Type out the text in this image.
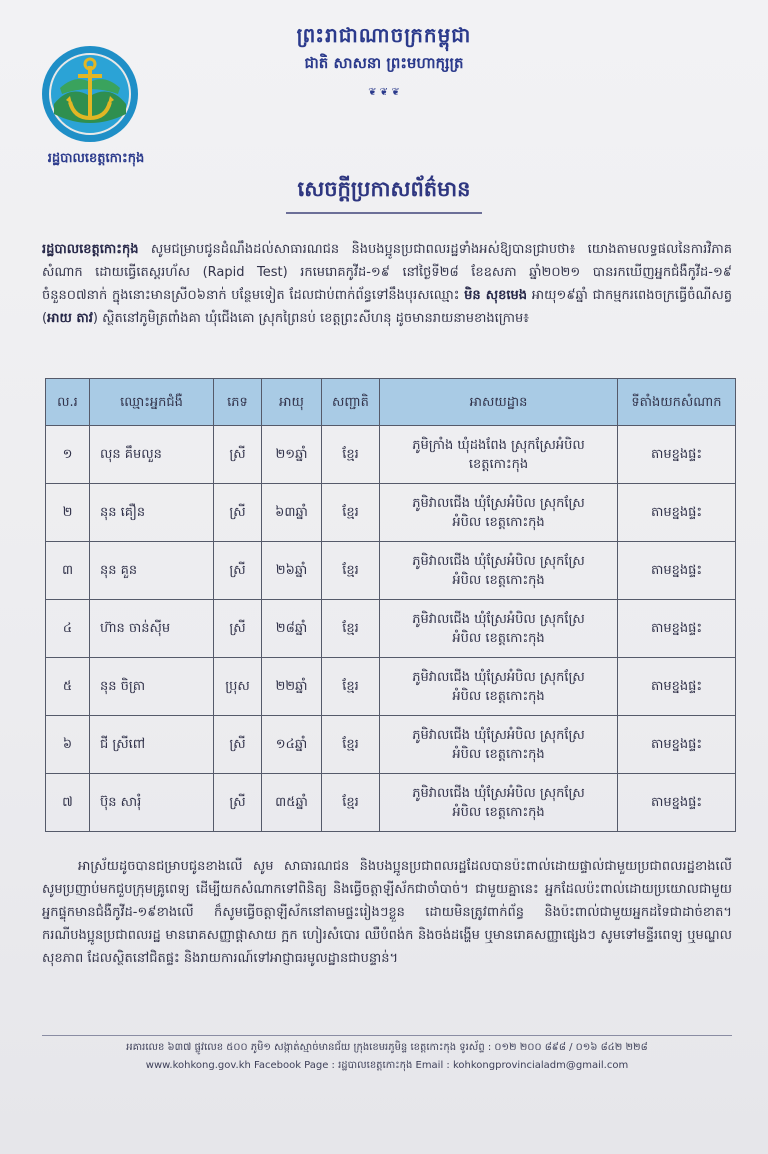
ព្រះរាជាណាចក្រកម្ពុជា
ជាតិ សាសនា ព្រះមហាក្សត្រ
❦ ❦ ❦
រដ្ឋបាលខេត្តកោះកុង
សេចក្តីប្រកាសព័ត៌មាន
រដ្ឋបាលខេត្តកោះកុង សូមជម្រាបជូនដំណឹងដល់សាធារណជន និងបងប្អូនប្រជាពលរដ្ឋទាំងអស់ឱ្យបានជ្រាបថា៖ យោងតាមលទ្ធផលនៃការវិភាគសំណាក ដោយធ្វើតេស្តរហ័ស (Rapid Test) រកមេរោគកូវីដ-១៩ នៅថ្ងៃទី២៨ ខែឧសភា ឆ្នាំ២០២១ បានរកឃើញអ្នកជំងឺកូវីដ-១៩ ចំនួន០៧នាក់ ក្នុងនោះមានស្រី០៦នាក់ បន្ថែមទៀត ដែលជាប់ពាក់ព័ន្ធទៅនឹងបុរសឈ្មោះ មិន សុខមេង អាយុ១៩ឆ្នាំ ជាកម្មករពេងចក្រធ្វើចំណីសត្វ (អាយ តាវ) ស្ថិតនៅភូមិត្រពាំងគា ឃុំជើងគោ ស្រុកព្រៃនប់ ខេត្តព្រះសីហនុ ដូចមានរាយនាមខាងក្រោម៖
ល.រ	ឈ្មោះអ្នកជំងឺ	ភេទ	អាយុ	សញ្ជាតិ	អាសយដ្ឋាន	ទីតាំងយកសំណាក
១	លុន គឹមលួន	ស្រី	២១ឆ្នាំ	ខ្មែរ	ភូមិក្រាំង ឃុំដងពែង ស្រុកស្រែអំបិល
ខេត្តកោះកុង	តាមខ្នងផ្ទះ
២	នុន គឿន	ស្រី	៦៣ឆ្នាំ	ខ្មែរ	ភូមិវាលជើង ឃុំស្រែអំបិល ស្រុកស្រែ
អំបិល ខេត្តកោះកុង	តាមខ្នងផ្ទះ
៣	នុន គួន	ស្រី	២៦ឆ្នាំ	ខ្មែរ	ភូមិវាលជើង ឃុំស្រែអំបិល ស្រុកស្រែ
អំបិល ខេត្តកោះកុង	តាមខ្នងផ្ទះ
៤	ហ៊ាន ចាន់ស៊ីម	ស្រី	២៨ឆ្នាំ	ខ្មែរ	ភូមិវាលជើង ឃុំស្រែអំបិល ស្រុកស្រែ
អំបិល ខេត្តកោះកុង	តាមខ្នងផ្ទះ
៥	នុន ចិត្រា	ប្រុស	២២ឆ្នាំ	ខ្មែរ	ភូមិវាលជើង ឃុំស្រែអំបិល ស្រុកស្រែ
អំបិល ខេត្តកោះកុង	តាមខ្នងផ្ទះ
៦	ជី ស្រីពៅ	ស្រី	១៤ឆ្នាំ	ខ្មែរ	ភូមិវាលជើង ឃុំស្រែអំបិល ស្រុកស្រែ
អំបិល ខេត្តកោះកុង	តាមខ្នងផ្ទះ
៧	ប៊ុន សារុំ	ស្រី	៣៥ឆ្នាំ	ខ្មែរ	ភូមិវាលជើង ឃុំស្រែអំបិល ស្រុកស្រែ
អំបិល ខេត្តកោះកុង	តាមខ្នងផ្ទះ
អាស្រ័យដូចបានជម្រាបជូនខាងលើ សូម សាធារណជន និងបងប្អូនប្រជាពលរដ្ឋដែលបានប៉ះពាល់ដោយផ្ទាល់ជាមួយប្រជាពលរដ្ឋខាងលើ សូមប្រញាប់មកជួបក្រុមគ្រូពេទ្យ ដើម្បីយកសំណាកទៅពិនិត្យ និងធ្វើចត្តាឡីស័កជាចាំបាច់។ ជាមួយគ្នានេះ អ្នកដែលប៉ះពាល់ដោយប្រយោលជាមួយអ្នកផ្ទុកមានជំងឺកូវីដ-១៩ខាងលើ ក៏សូមធ្វើចត្តាឡីស័កនៅតាមផ្ទះរៀងៗខ្លួន ដោយមិនត្រូវពាក់ព័ន្ធ និងប៉ះពាល់ជាមួយអ្នកដទៃជាដាច់ខាត។ ករណីបងប្អូនប្រជាពលរដ្ឋ មានរោគសញ្ញាផ្តាសាយ ក្អក ហៀរសំបោរ ឈឺបំពង់ក និងចង់ដង្ហើម ឬមានរោគសញ្ញាផ្សេងៗ សូមទៅមន្ទីរពេទ្យ ឬមណ្ឌលសុខភាព ដែលស្ថិតនៅជិតផ្ទះ និងរាយការណ៍ទៅអាជ្ញាធរមូលដ្ឋានជាបន្ទាន់។
អគារលេខ ៦៣៧ ផ្លូវលេខ ៥០០ ភូមិ១ សង្កាត់ស្មាច់មានជ័យ ក្រុងខេមរភូមិន្ទ ខេត្តកោះកុង ទូរស័ព្ទ : ០១២ ២០០ ៨៩៨ / ០១៦ ៨៤២ ២២៨
www.kohkong.gov.kh Facebook Page : រដ្ឋបាលខេត្តកោះកុង Email : kohkongprovincialadm@gmail.com
